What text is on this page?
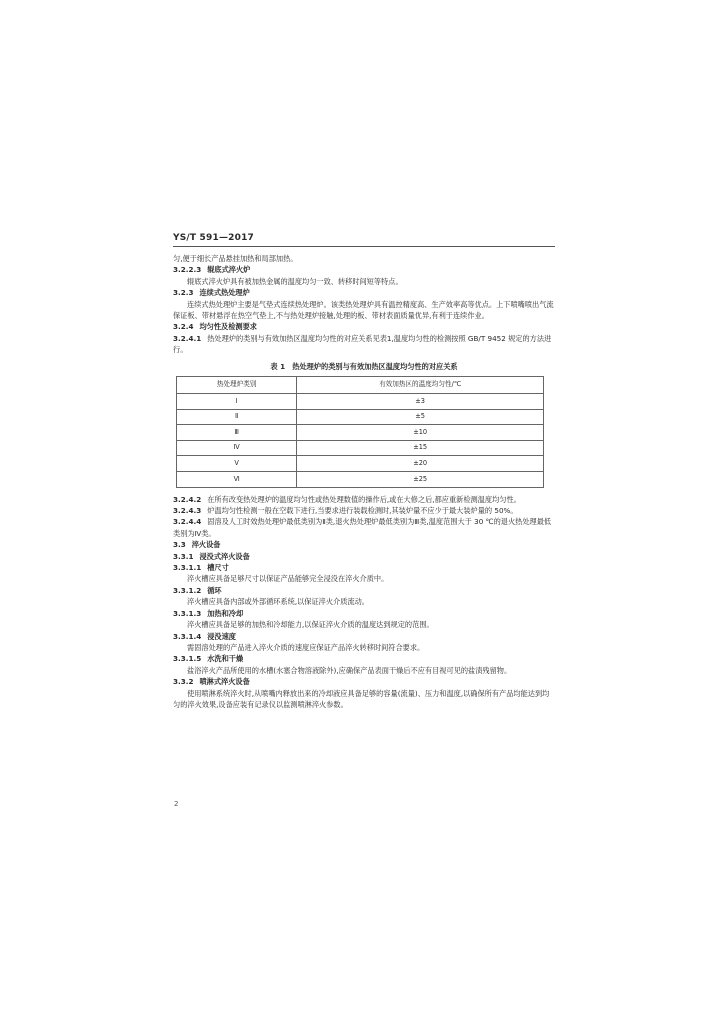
YS/T 591—2017

匀,便于细长产品悬挂加热和局部加热。

3.2.2.3 辊底式淬火炉

辊底式淬火炉具有被加热金属的温度均匀一致、转移时间短等特点。

3.2.3 连续式热处理炉

连续式热处理炉主要是气垫式连续热处理炉。该类热处理炉具有温控精度高、生产效率高等优点。上下喷嘴喷出气流保证板、带材悬浮在热空气垫上,不与热处理炉接触,处理的板、带材表面质量优异,有利于连续作业。

3.2.4 均匀性及检测要求

3.2.4.1 热处理炉的类别与有效加热区温度均匀性的对应关系见表1,温度均匀性的检测按照 GB/T 9452 规定的方法进行。

表 1　热处理炉的类别与有效加热区温度均匀性的对应关系
热处理炉类别	有效加热区的温度均匀性/℃
Ⅰ	±3
Ⅱ	±5
Ⅲ	±10
Ⅳ	±15
Ⅴ	±20
Ⅵ	±25

3.2.4.2 在所有改变热处理炉的温度均匀性或热处理数值的操作后,或在大修之后,都应重新检测温度均匀性。

3.2.4.3 炉温均匀性检测一般在空载下进行,当要求进行装载检测时,其装炉量不应少于最大装炉量的 50%。

3.2.4.4 固溶及人工时效热处理炉最低类别为Ⅱ类,退火热处理炉最低类别为Ⅲ类,温度范围大于 30 ℃的退火热处理最低类别为Ⅳ类。

3.3 淬火设备

3.3.1 浸没式淬火设备

3.3.1.1 槽尺寸

淬火槽应具备足够尺寸以保证产品能够完全浸没在淬火介质中。

3.3.1.2 循环

淬火槽应具备内部或外部循环系统,以保证淬火介质流动。

3.3.1.3 加热和冷却

淬火槽应具备足够的加热和冷却能力,以保证淬火介质的温度达到规定的范围。

3.3.1.4 浸没速度

需固溶处理的产品进入淬火介质的速度应保证产品淬火转移时间符合要求。

3.3.1.5 水洗和干燥

盐浴淬火产品所使用的水槽(水塞合物溶液除外),应确保产品表面干燥后不应有目视可见的盐渍残留物。

3.3.2 喷淋式淬火设备

使用喷淋系统淬火时,从喷嘴内释放出来的冷却液应具备足够的容量(流量)、压力和温度,以确保所有产品均能达到均匀的淬火效果,设备应装有记录仪以监测喷淋淬火参数。

2
